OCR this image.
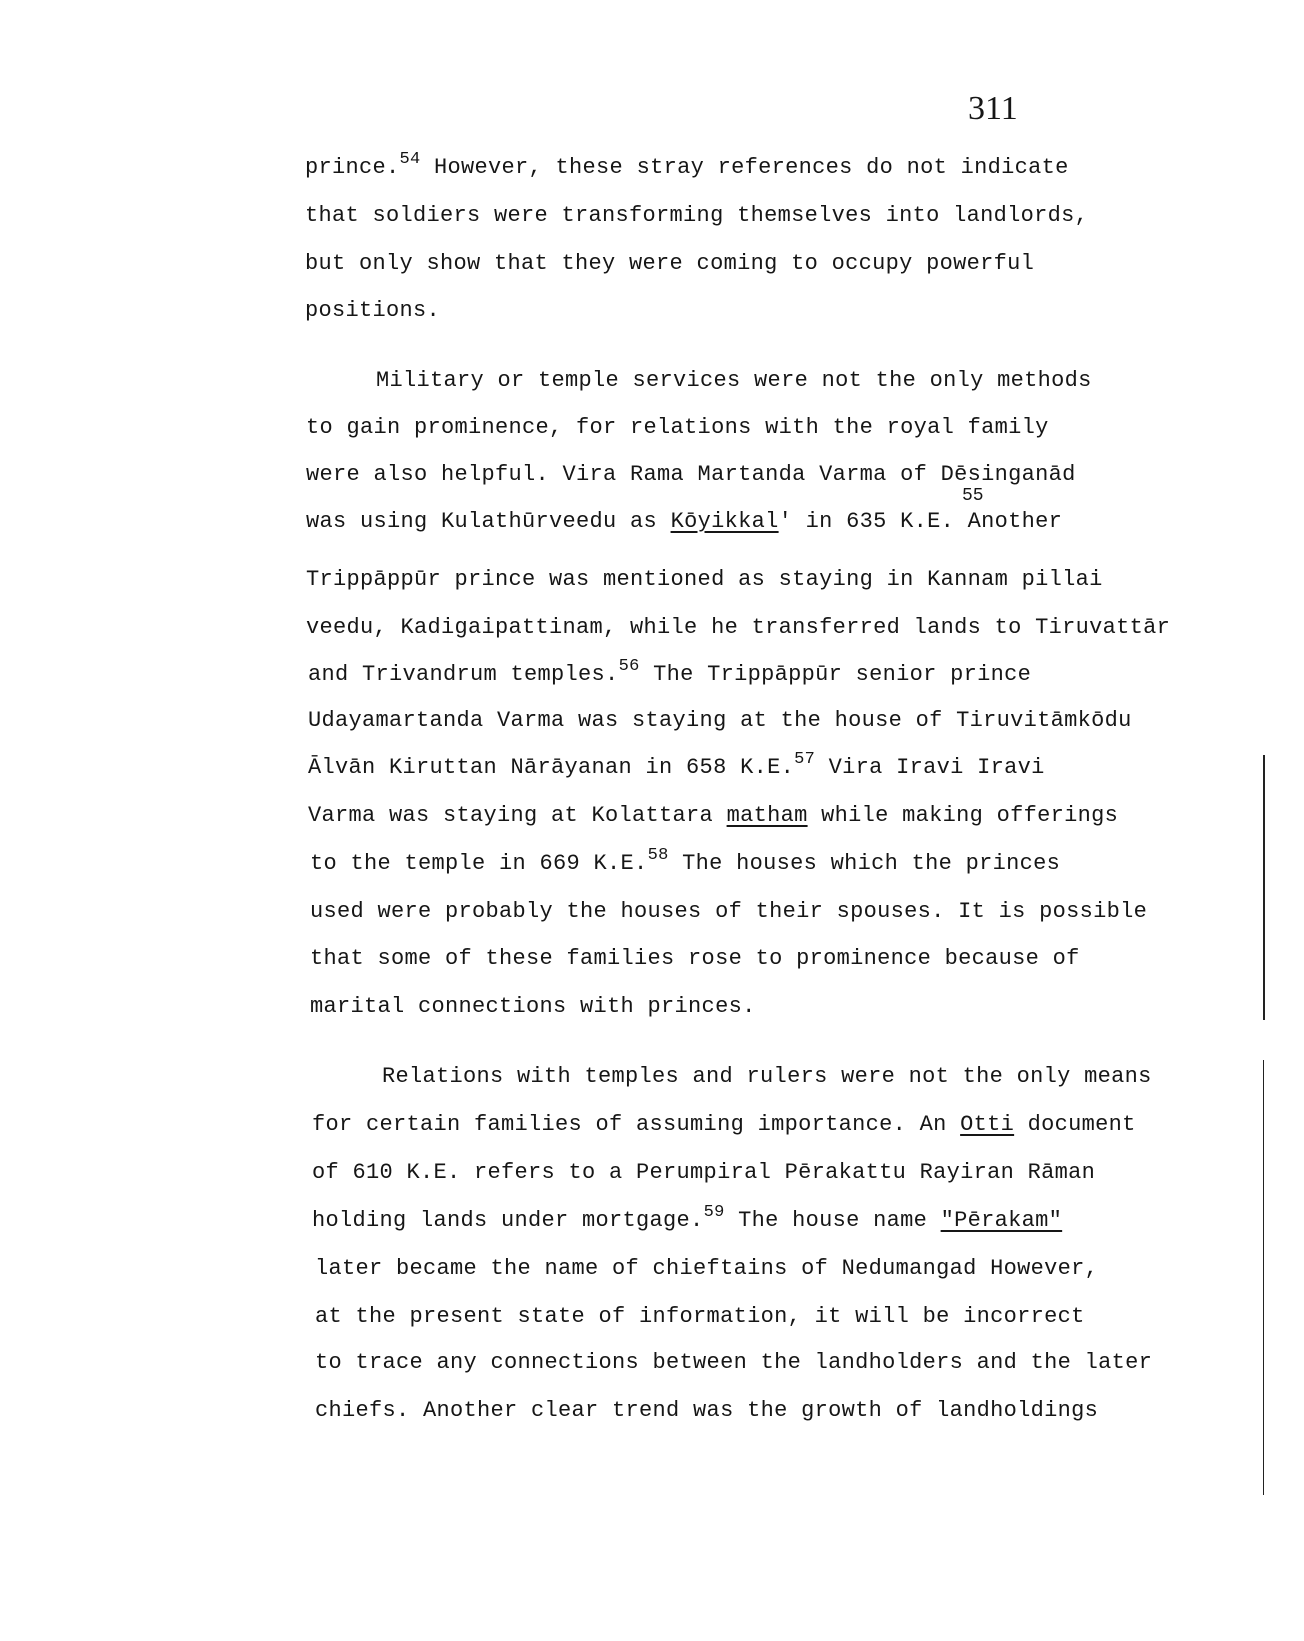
311
prince.$^{54}$ However, these stray references do not indicate
that soldiers were transforming themselves into landlords,
but only show that they were coming to occupy powerful
positions.
Military or temple services were not the only methods
to gain prominence, for relations with the royal family
were also helpful. Vira Rama Martanda Varma of Dēsinganād
55
was using Kulathūrveedu as Kōyikkal' in 635 K.E. Another
Trippāppūr prince was mentioned as staying in Kannam pillai
veedu, Kadigaipattinam, while he transferred lands to Tiruvattār
and Trivandrum temples.$^{56}$ The Trippāppūr senior prince
Udayamartanda Varma was staying at the house of Tiruvitāmkōdu
Ālvān Kiruttan Nārāyanan in 658 K.E.$^{57}$ Vira Iravi Iravi
Varma was staying at Kolattara matham while making offerings
to the temple in 669 K.E.$^{58}$ The houses which the princes
used were probably the houses of their spouses. It is possible
that some of these families rose to prominence because of
marital connections with princes.
Relations with temples and rulers were not the only means
for certain families of assuming importance. An Otti document
of 610 K.E. refers to a Perumpiral Pērakattu Rayiran Rāman
holding lands under mortgage.$^{59}$ The house name "Pērakam"
later became the name of chieftains of Nedumangad However,
at the present state of information, it will be incorrect
to trace any connections between the landholders and the later
chiefs. Another clear trend was the growth of landholdings
